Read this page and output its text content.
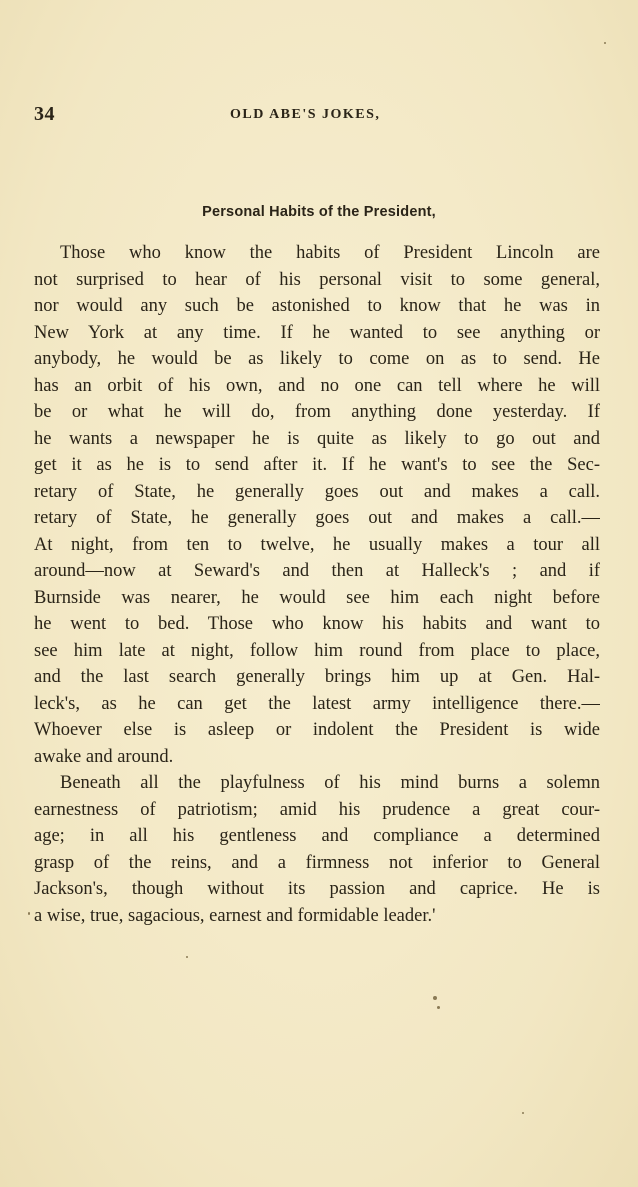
34	OLD ABE'S JOKES,
Personal Habits of the President,
Those who know the habits of President Lincoln are
not surprised to hear of his personal visit to some general,
nor would any such be astonished to know that he was in
New York at any time. If he wanted to see anything or
anybody, he would be as likely to come on as to send. He
has an orbit of his own, and no one can tell where he will
be or what he will do, from anything done yesterday. If
he wants a newspaper he is quite as likely to go out and
get it as he is to send after it. If he want's to see the Sec-
retary of State, he generally goes out and makes a call.
retary of State, he generally goes out and makes a call.—
At night, from ten to twelve, he usually makes a tour all
around—now at Seward's and then at Halleck's ; and if
Burnside was nearer, he would see him each night before
he went to bed. Those who know his habits and want to
see him late at night, follow him round from place to place,
and the last search generally brings him up at Gen. Hal-
leck's, as he can get the latest army intelligence there.—
Whoever else is asleep or indolent the President is wide
awake and around.
Beneath all the playfulness of his mind burns a solemn
earnestness of patriotism; amid his prudence a great cour-
age; in all his gentleness and compliance a determined
grasp of the reins, and a firmness not inferior to General
Jackson's, though without its passion and caprice. He is
a wise, true, sagacious, earnest and formidable leader.'
